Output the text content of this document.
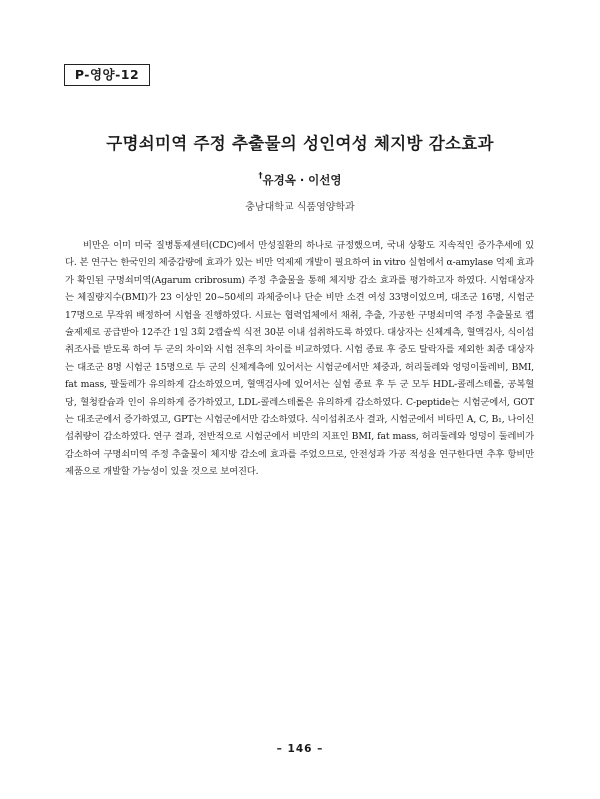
P-영양-12
구명쇠미역 주정 추출물의 성인여성 체지방 감소효과
†유경옥 · 이선영
충남대학교 식품영양학과

비만은 이미 미국 질병통제센터(CDC)에서 만성질환의 하나로 규정했으며, 국내 상황도 지속적인 증가추세에 있다. 본 연구는 한국인의 체중감량에 효과가 있는 비만 억제제 개발이 필요하여 in vitro 실험에서 α-amylase 억제 효과가 확인된 구명쇠미역(Agarum cribrosum) 주정 추출물을 통해 체지방 감소 효과를 평가하고자 하였다. 시험대상자는 체질량지수(BMI)가 23 이상인 20~50세의 과체중이나 단순 비만 소견 여성 33명이었으며, 대조군 16명, 시험군 17명으로 무작위 배정하여 시험을 진행하였다. 시료는 협력업체에서 채취, 추출, 가공한 구명쇠미역 주정 추출물로 캡슐제제로 공급받아 12주간 1일 3회 2캡슐씩 식전 30분 이내 섭취하도록 하였다. 대상자는 신체계측, 혈액검사, 식이섭취조사를 받도록 하여 두 군의 차이와 시험 전후의 차이를 비교하였다. 시험 종료 후 중도 탈락자를 제외한 최종 대상자는 대조군 8명 시험군 15명으로 두 군의 신체계측에 있어서는 시험군에서만 체중과, 허리둘레와 엉덩이둘레비, BMI, fat mass, 팔둘레가 유의하게 감소하였으며, 혈액검사에 있어서는 실험 종료 후 두 군 모두 HDL-콜레스테롤, 공복혈당, 혈청칼슘과 인이 유의하게 증가하였고, LDL-콜레스테롤은 유의하게 감소하였다. C-peptide는 시험군에서, GOT는 대조군에서 증가하였고, GPT는 시험군에서만 감소하였다. 식이섭취조사 결과, 시험군에서 비타민 A, C, B₁, 나이신 섭취량이 감소하였다. 연구 결과, 전반적으로 시험군에서 비만의 지표인 BMI, fat mass, 허리둘레와 엉덩이 둘레비가 감소하여 구명쇠미역 주정 추출물이 체지방 감소에 효과를 주었으므로, 안전성과 가공 적성을 연구한다면 추후 항비만 제품으로 개발할 가능성이 있을 것으로 보여진다.

– 146 –
